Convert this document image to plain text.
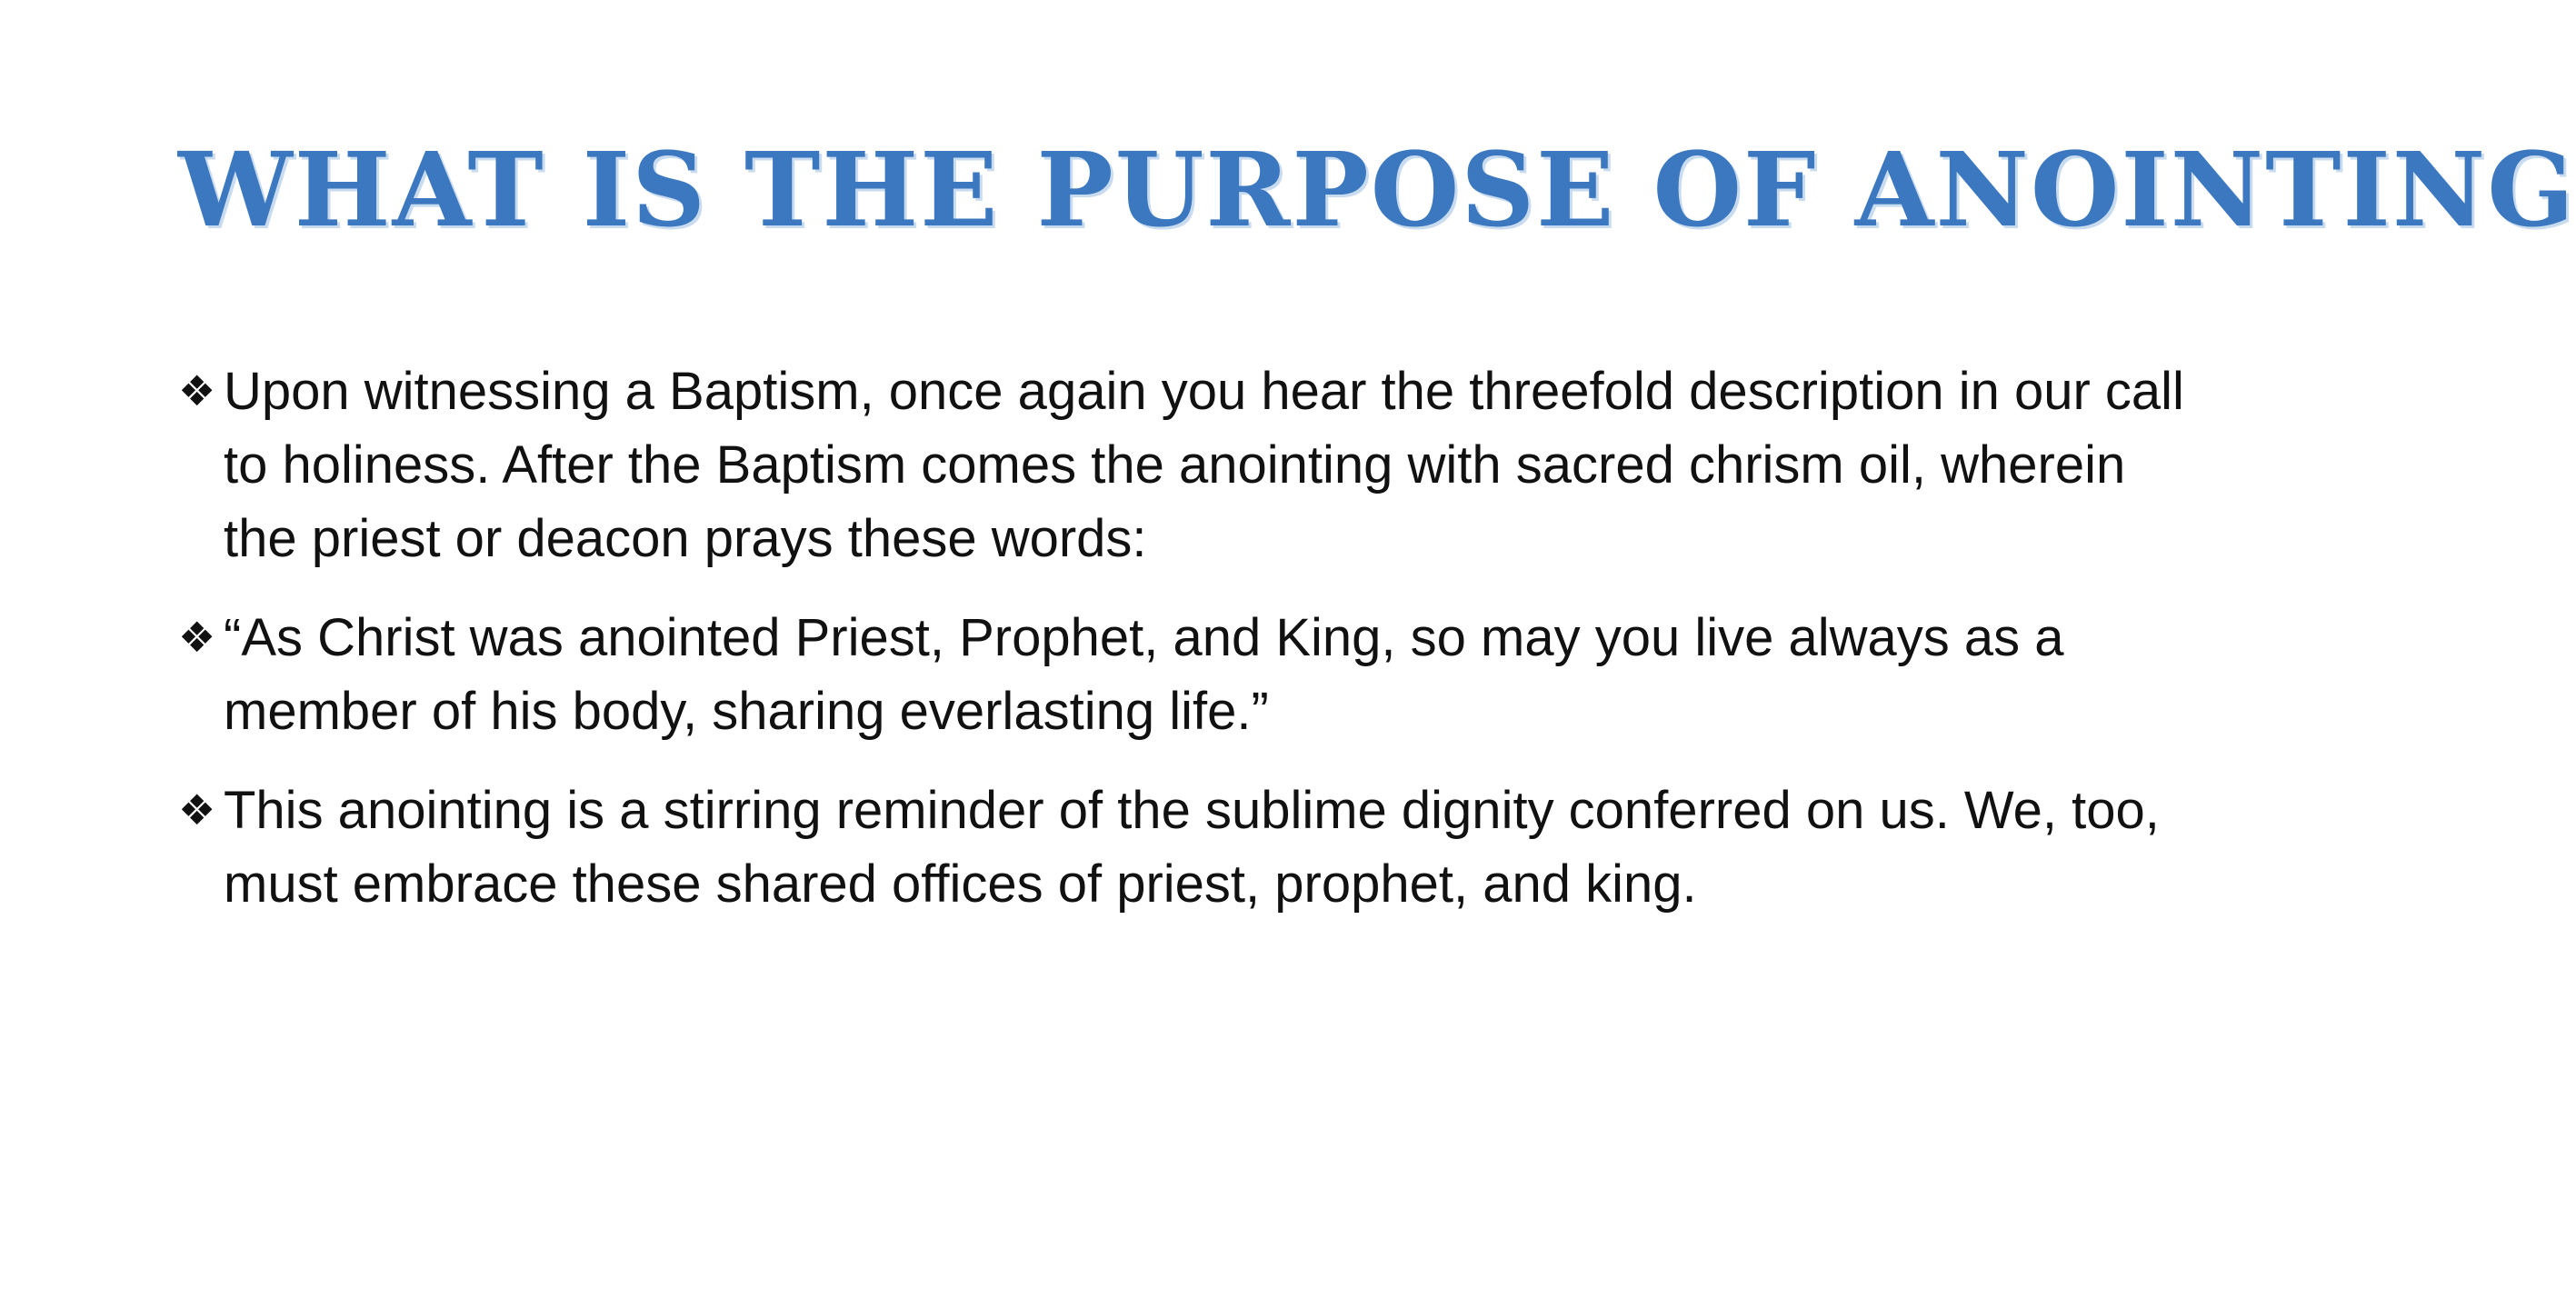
WHAT IS THE PURPOSE OF ANOINTING
❖ Upon witnessing a Baptism, once again you hear the threefold description in our call to holiness. After the Baptism comes the anointing with sacred chrism oil, wherein the priest or deacon prays these words:
❖ “As Christ was anointed Priest, Prophet, and King, so may you live always as a member of his body, sharing everlasting life.”
❖ This anointing is a stirring reminder of the sublime dignity conferred on us. We, too, must embrace these shared offices of priest, prophet, and king.
